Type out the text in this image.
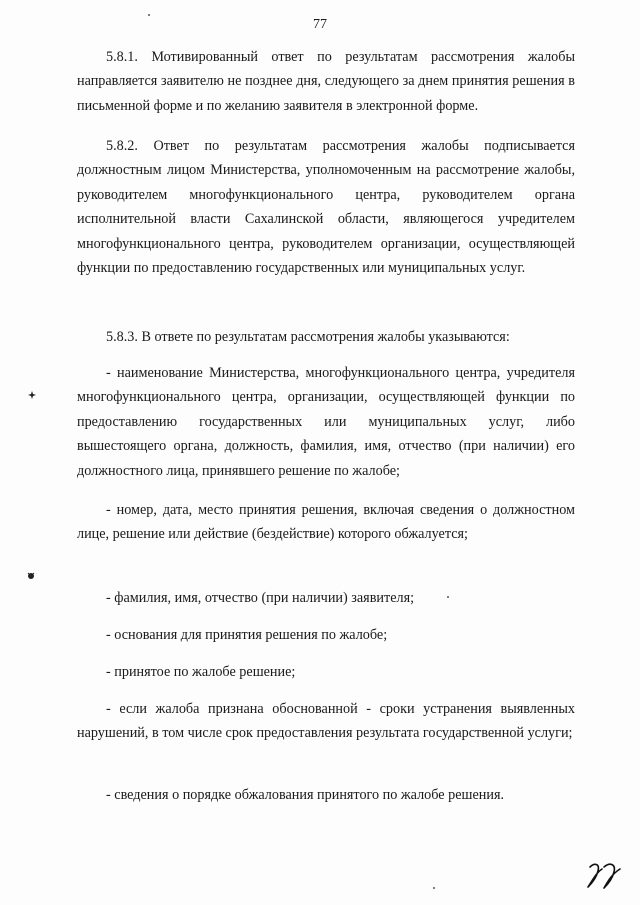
77

5.8.1. Мотивированный ответ по результатам рассмотрения жалобы направляется заявителю не позднее дня, следующего за днем принятия решения в письменной форме и по желанию заявителя в электронной форме.

5.8.2. Ответ по результатам рассмотрения жалобы подписывается должностным лицом Министерства, уполномоченным на рассмотрение жалобы, руководителем многофункционального центра, руководителем органа исполнительной власти Сахалинской области, являющегося учредителем многофункционального центра, руководителем организации, осуществляющей функции по предоставлению государственных или муниципальных услуг.

5.8.3. В ответе по результатам рассмотрения жалобы указываются:

- наименование Министерства, многофункционального центра, учредителя многофункционального центра, организации, осуществляющей функции по предоставлению государственных или муниципальных услуг, либо вышестоящего органа, должность, фамилия, имя, отчество (при наличии) его должностного лица, принявшего решение по жалобе;

- номер, дата, место принятия решения, включая сведения о должностном лице, решение или действие (бездействие) которого обжалуется;

- фамилия, имя, отчество (при наличии) заявителя;

- основания для принятия решения по жалобе;

- принятое по жалобе решение;

- если жалоба признана обоснованной - сроки устранения выявленных нарушений, в том числе срок предоставления результата государственной услуги;

- сведения о порядке обжалования принятого по жалобе решения.
